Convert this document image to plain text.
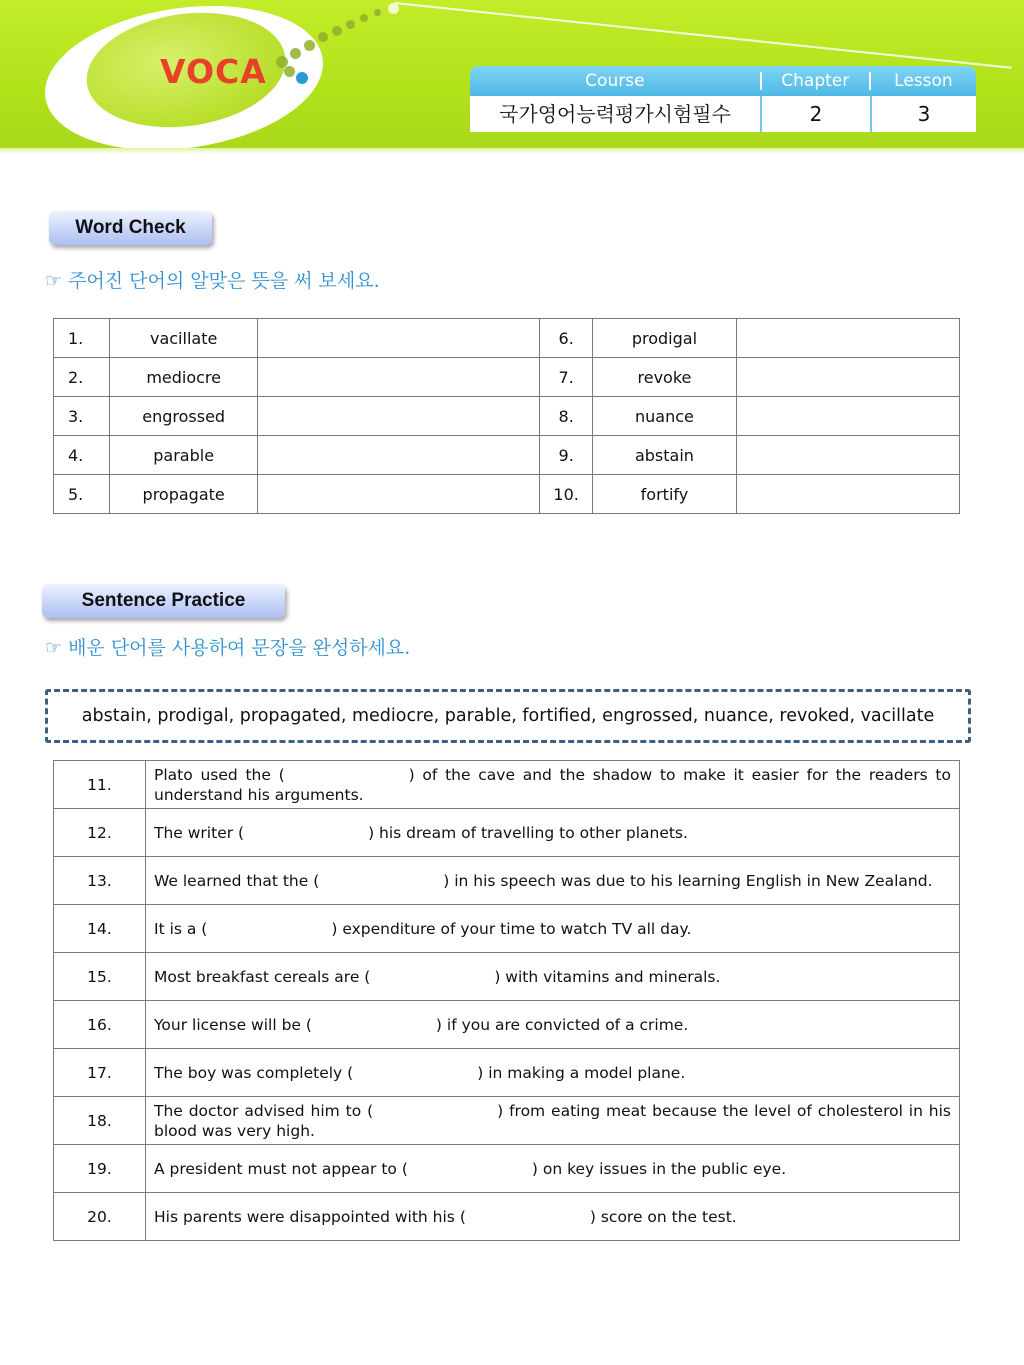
VOCA	Course	Chapter	Lesson
국가영어능력평가시험필수	2	3
Word Check
☞ 주어진 단어의 알맞은 뜻을 써 보세요.
1.	vacillate		6.	prodigal	
2.	mediocre		7.	revoke	
3.	engrossed		8.	nuance	
4.	parable		9.	abstain	
5.	propagate		10.	fortify	
Sentence Practice
☞ 배운 단어를 사용하여 문장을 완성하세요.
abstain, prodigal, propagated, mediocre, parable, fortified, engrossed, nuance, revoked, vacillate
11.	Plato used the ( ) of the cave and the shadow to make it easier for the readers to understand his arguments.
12.	The writer ( ) his dream of travelling to other planets.
13.	We learned that the ( ) in his speech was due to his learning English in New Zealand.
14.	It is a ( ) expenditure of your time to watch TV all day.
15.	Most breakfast cereals are ( ) with vitamins and minerals.
16.	Your license will be ( ) if you are convicted of a crime.
17.	The boy was completely ( ) in making a model plane.
18.	The doctor advised him to ( ) from eating meat because the level of cholesterol in his blood was very high.
19.	A president must not appear to ( ) on key issues in the public eye.
20.	His parents were disappointed with his ( ) score on the test.
